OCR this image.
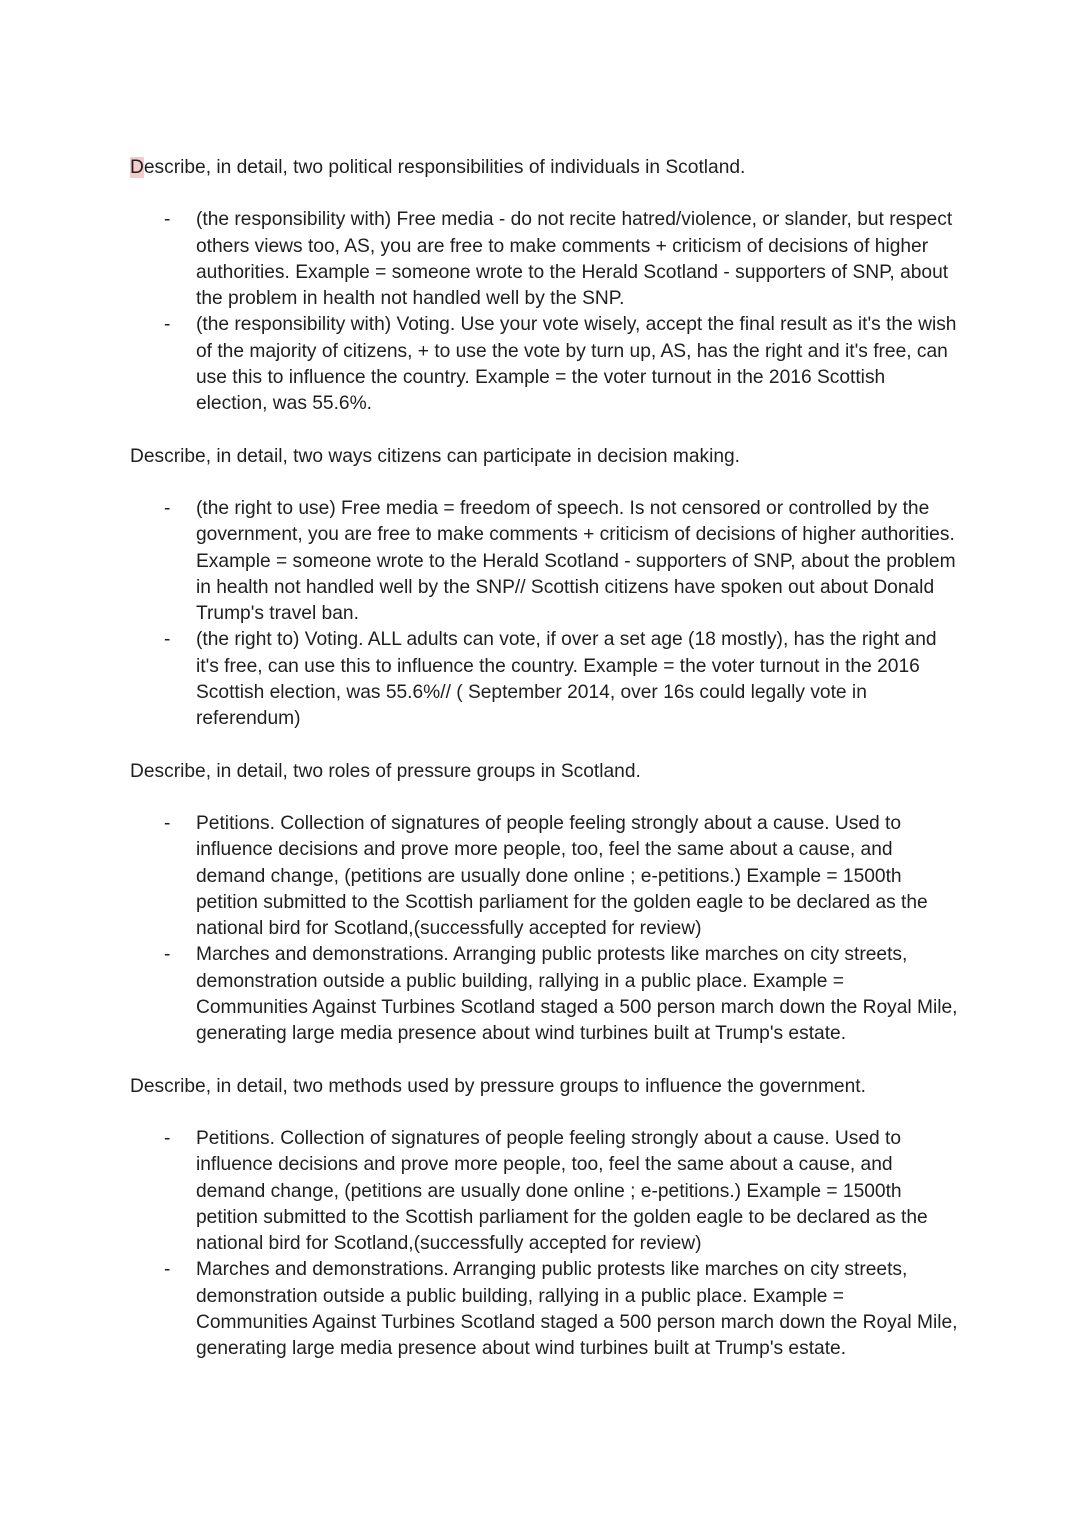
Describe, in detail, two political responsibilities of individuals in Scotland.
- (the responsibility with) Free media - do not recite hatred/violence, or slander, but respect others views too, AS, you are free to make comments + criticism of decisions of higher authorities. Example = someone wrote to the Herald Scotland - supporters of SNP, about the problem in health not handled well by the SNP.
- (the responsibility with) Voting. Use your vote wisely, accept the final result as it's the wish of the majority of citizens, + to use the vote by turn up, AS, has the right and it's free, can use this to influence the country. Example = the voter turnout in the 2016 Scottish election, was 55.6%.
Describe, in detail, two ways citizens can participate in decision making.
- (the right to use) Free media = freedom of speech. Is not censored or controlled by the government, you are free to make comments + criticism of decisions of higher authorities. Example = someone wrote to the Herald Scotland - supporters of SNP, about the problem in health not handled well by the SNP// Scottish citizens have spoken out about Donald Trump's travel ban.
- (the right to) Voting. ALL adults can vote, if over a set age (18 mostly), has the right and it's free, can use this to influence the country. Example = the voter turnout in the 2016 Scottish election, was 55.6%// ( September 2014, over 16s could legally vote in referendum)
Describe, in detail, two roles of pressure groups in Scotland.
- Petitions. Collection of signatures of people feeling strongly about a cause. Used to influence decisions and prove more people, too, feel the same about a cause, and demand change, (petitions are usually done online ; e-petitions.) Example = 1500th petition submitted to the Scottish parliament for the golden eagle to be declared as the national bird for Scotland,(successfully accepted for review)
- Marches and demonstrations. Arranging public protests like marches on city streets, demonstration outside a public building, rallying in a public place. Example = Communities Against Turbines Scotland staged a 500 person march down the Royal Mile, generating large media presence about wind turbines built at Trump's estate.
Describe, in detail, two methods used by pressure groups to influence the government.
- Petitions. Collection of signatures of people feeling strongly about a cause. Used to influence decisions and prove more people, too, feel the same about a cause, and demand change, (petitions are usually done online ; e-petitions.) Example = 1500th petition submitted to the Scottish parliament for the golden eagle to be declared as the national bird for Scotland,(successfully accepted for review)
- Marches and demonstrations. Arranging public protests like marches on city streets, demonstration outside a public building, rallying in a public place. Example = Communities Against Turbines Scotland staged a 500 person march down the Royal Mile, generating large media presence about wind turbines built at Trump's estate.
